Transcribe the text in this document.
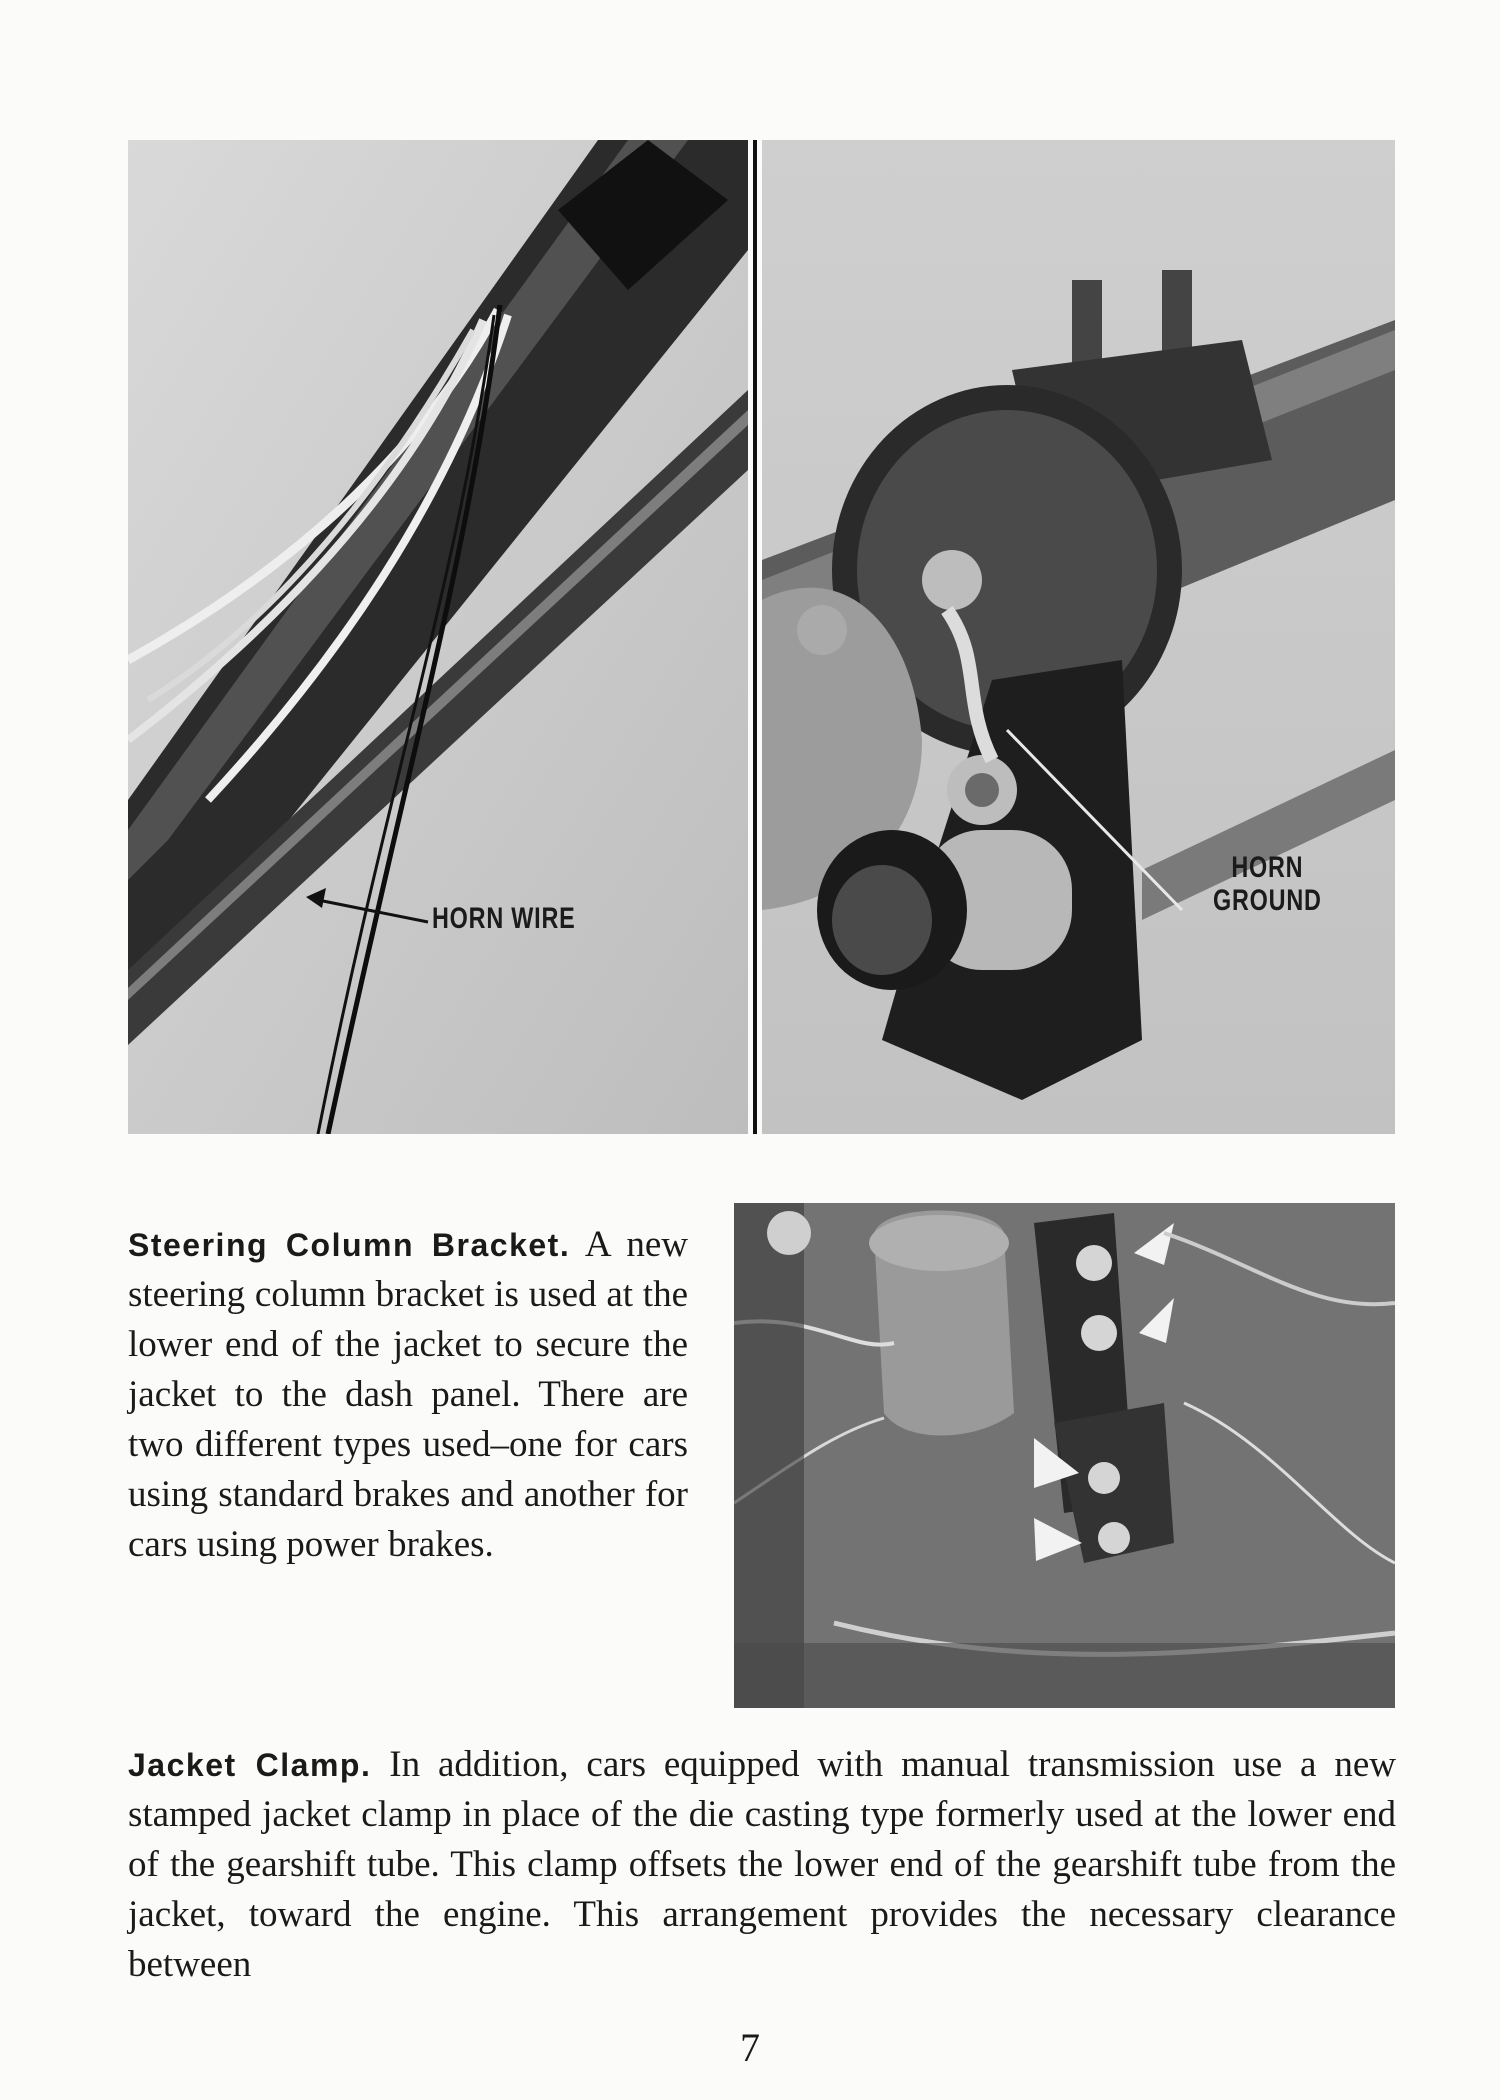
HORN WIRE
HORN
GROUND
Steering Column Bracket. A new steering column bracket is used at the lower end of the jacket to secure the jacket to the dash panel. There are two different types used–one for cars using standard brakes and another for cars using power brakes.
Jacket Clamp. In addition, cars equipped with manual transmission use a new stamped jacket clamp in place of the die casting type formerly used at the lower end of the gearshift tube. This clamp offsets the lower end of the gearshift tube from the jacket, toward the engine. This arrangement provides the necessary clearance between
7
